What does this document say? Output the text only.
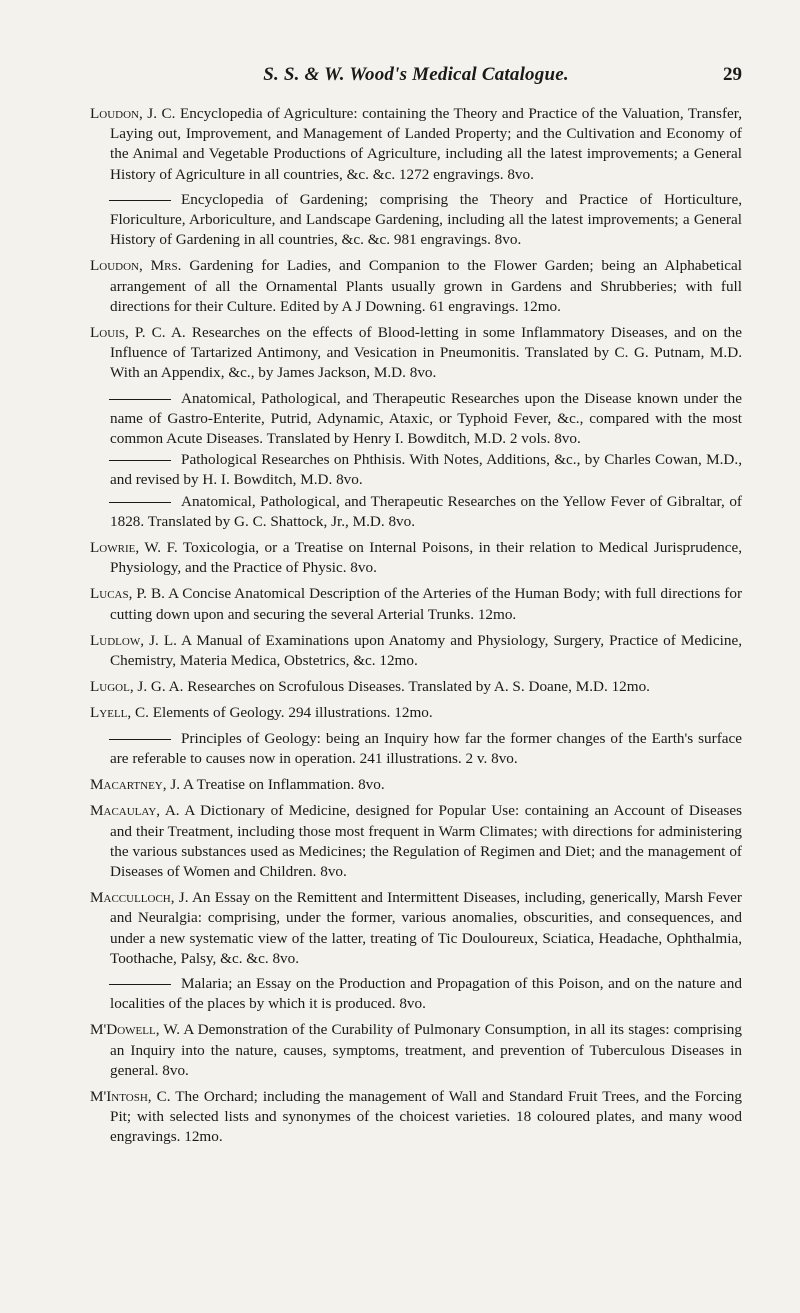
S. S. & W. Wood's Medical Catalogue.	29

Loudon, J. C. Encyclopedia of Agriculture: containing the Theory and Practice of the Valuation, Transfer, Laying out, Improvement, and Management of Landed Property; and the Cultivation and Economy of the Animal and Vegetable Productions of Agriculture, including all the latest improvements; a General History of Agriculture in all countries, &c. &c. 1272 engravings. 8vo.

Encyclopedia of Gardening; comprising the Theory and Practice of Horticulture, Floriculture, Arboriculture, and Landscape Gardening, including all the latest improvements; a General History of Gardening in all countries, &c. &c. 981 engravings. 8vo.

Loudon, Mrs. Gardening for Ladies, and Companion to the Flower Garden; being an Alphabetical arrangement of all the Ornamental Plants usually grown in Gardens and Shrubberies; with full directions for their Culture. Edited by A J Downing. 61 engravings. 12mo.

Louis, P. C. A. Researches on the effects of Blood-letting in some Inflammatory Diseases, and on the Influence of Tartarized Antimony, and Vesication in Pneumonitis. Translated by C. G. Putnam, M.D. With an Appendix, &c., by James Jackson, M.D. 8vo.

Anatomical, Pathological, and Therapeutic Researches upon the Disease known under the name of Gastro-Enterite, Putrid, Adynamic, Ataxic, or Typhoid Fever, &c., compared with the most common Acute Diseases. Translated by Henry I. Bowditch, M.D. 2 vols. 8vo.

Pathological Researches on Phthisis. With Notes, Additions, &c., by Charles Cowan, M.D., and revised by H. I. Bowditch, M.D. 8vo.

Anatomical, Pathological, and Therapeutic Researches on the Yellow Fever of Gibraltar, of 1828. Translated by G. C. Shattock, Jr., M.D. 8vo.

Lowrie, W. F. Toxicologia, or a Treatise on Internal Poisons, in their relation to Medical Jurisprudence, Physiology, and the Practice of Physic. 8vo.

Lucas, P. B. A Concise Anatomical Description of the Arteries of the Human Body; with full directions for cutting down upon and securing the several Arterial Trunks. 12mo.

Ludlow, J. L. A Manual of Examinations upon Anatomy and Physiology, Surgery, Practice of Medicine, Chemistry, Materia Medica, Obstetrics, &c. 12mo.

Lugol, J. G. A. Researches on Scrofulous Diseases. Translated by A. S. Doane, M.D. 12mo.

Lyell, C. Elements of Geology. 294 illustrations. 12mo.

Principles of Geology: being an Inquiry how far the former changes of the Earth's surface are referable to causes now in operation. 241 illustrations. 2 v. 8vo.

Macartney, J. A Treatise on Inflammation. 8vo.

Macaulay, A. A Dictionary of Medicine, designed for Popular Use: containing an Account of Diseases and their Treatment, including those most frequent in Warm Climates; with directions for administering the various substances used as Medicines; the Regulation of Regimen and Diet; and the management of Diseases of Women and Children. 8vo.

Macculloch, J. An Essay on the Remittent and Intermittent Diseases, including, generically, Marsh Fever and Neuralgia: comprising, under the former, various anomalies, obscurities, and consequences, and under a new systematic view of the latter, treating of Tic Douloureux, Sciatica, Headache, Ophthalmia, Toothache, Palsy, &c. &c. 8vo.

Malaria; an Essay on the Production and Propagation of this Poison, and on the nature and localities of the places by which it is produced. 8vo.

M'Dowell, W. A Demonstration of the Curability of Pulmonary Consumption, in all its stages: comprising an Inquiry into the nature, causes, symptoms, treatment, and prevention of Tuberculous Diseases in general. 8vo.

M'Intosh, C. The Orchard; including the management of Wall and Standard Fruit Trees, and the Forcing Pit; with selected lists and synonymes of the choicest varieties. 18 coloured plates, and many wood engravings. 12mo.
